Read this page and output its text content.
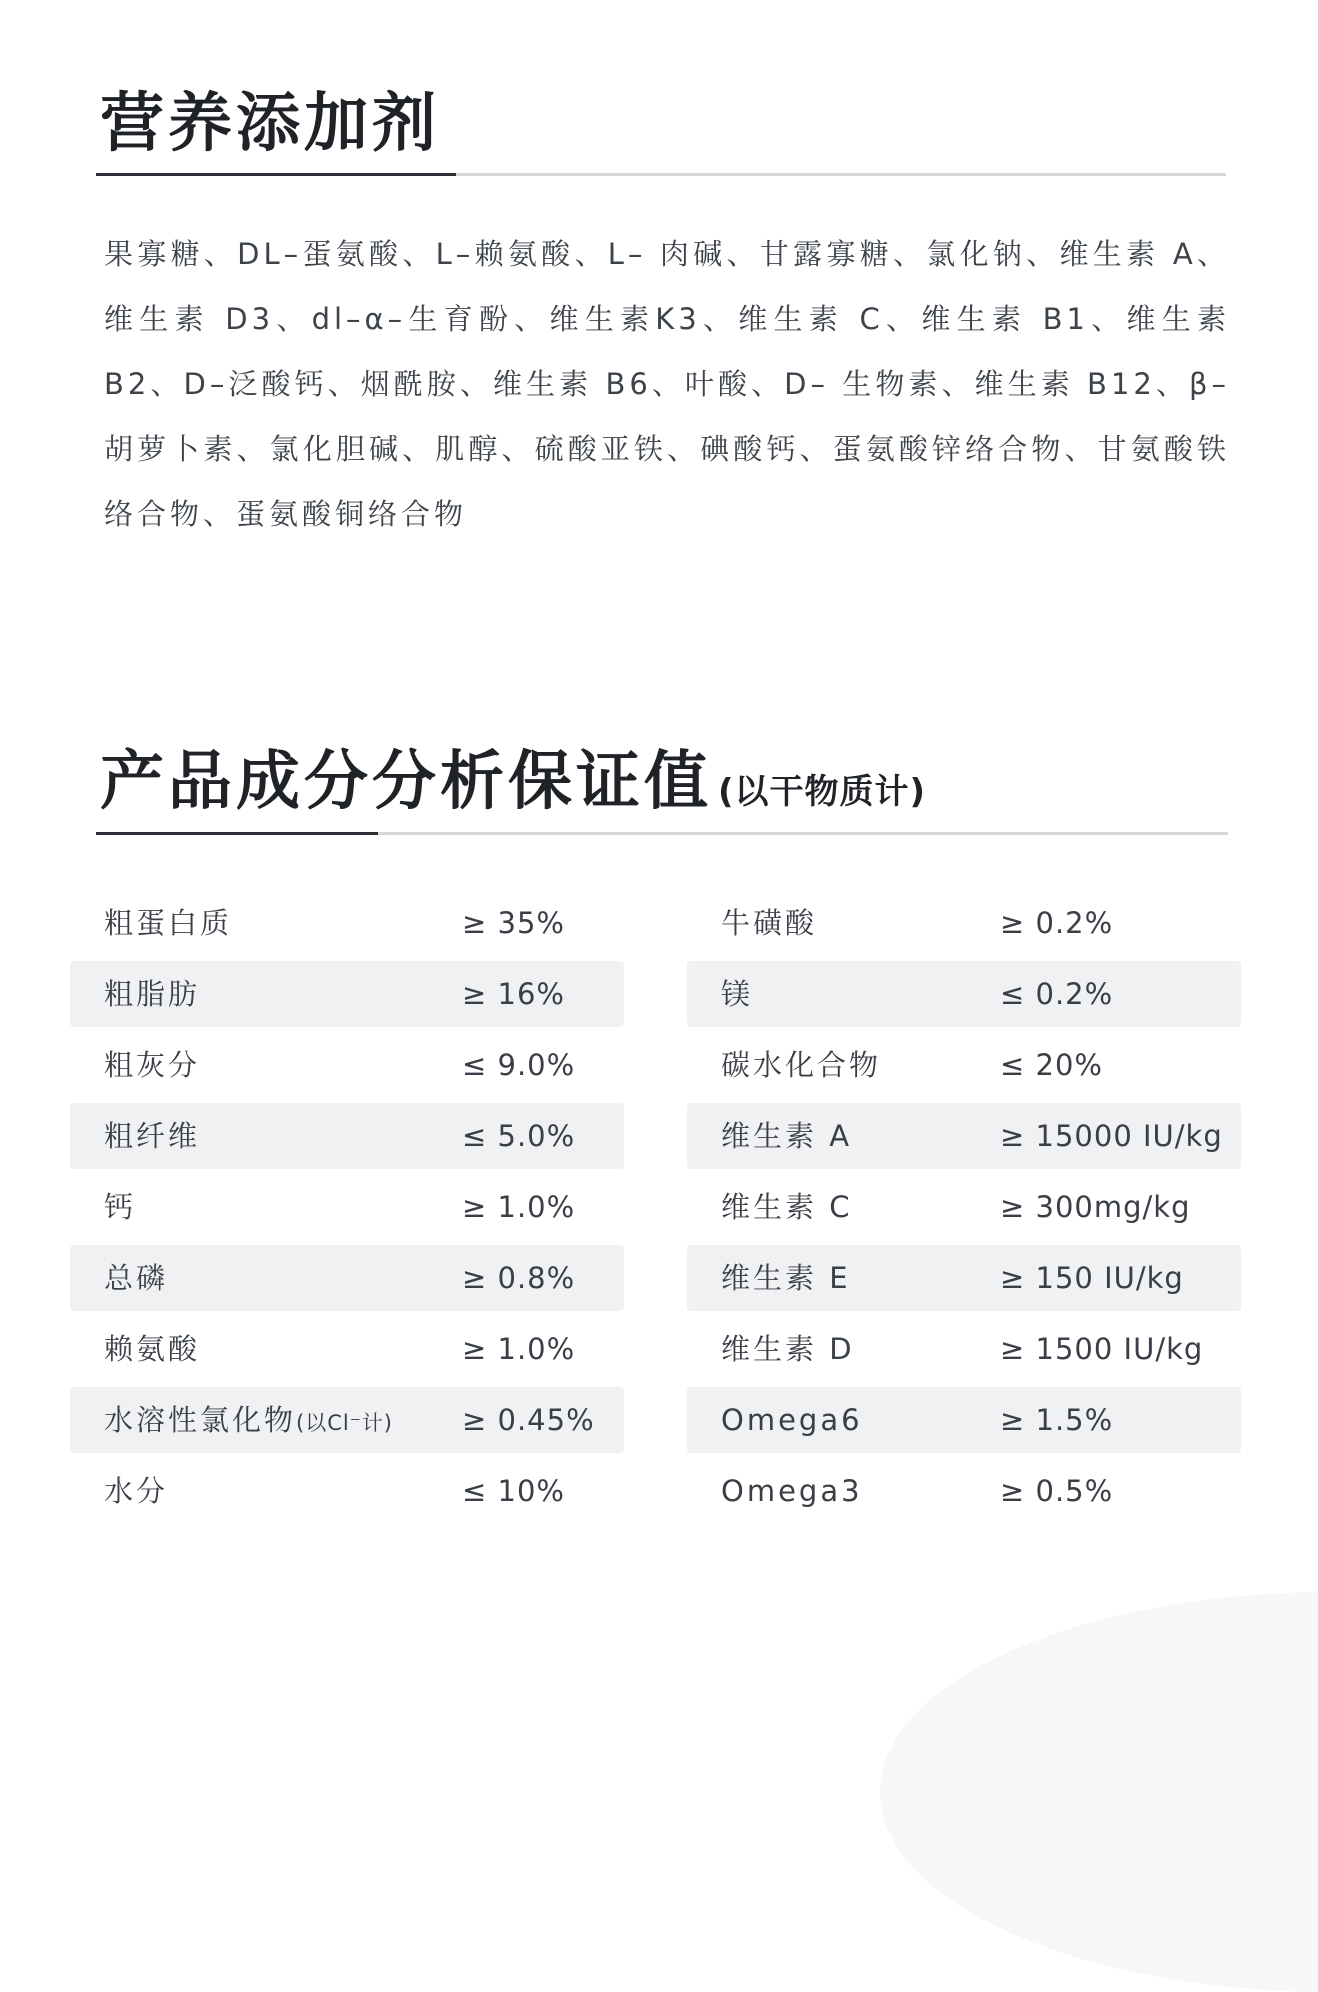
营养添加剂

果寡糖、DL–蛋氨酸、L–赖氨酸、L– 肉碱、甘露寡糖、氯化钠、维生素 A、维生素 D3、dl–α–生育酚、维生素K3、维生素 C、维生素 B1、维生素 B2、D–泛酸钙、烟酰胺、维生素 B6、叶酸、D– 生物素、维生素 B12、β– 胡萝卜素、氯化胆碱、肌醇、硫酸亚铁、碘酸钙、蛋氨酸锌络合物、甘氨酸铁络合物、蛋氨酸铜络合物

产品成分分析保证值 (以干物质计)
粗蛋白质	≥ 35%
粗脂肪	≥ 16%
粗灰分	≤ 9.0%
粗纤维	≤ 5.0%
钙	≥ 1.0%
总磷	≥ 0.8%
赖氨酸	≥ 1.0%
水溶性氯化物(以Cl⁻计) ≥ 0.45%
水分	≤ 10%
牛磺酸	≥ 0.2%
镁	≤ 0.2%
碳水化合物	≤ 20%
维生素 A	≥ 15000 IU/kg
维生素 C	≥ 300mg/kg
维生素 E	≥ 150 IU/kg
维生素 D	≥ 1500 IU/kg
Omega6	≥ 1.5%
Omega3	≥ 0.5%
